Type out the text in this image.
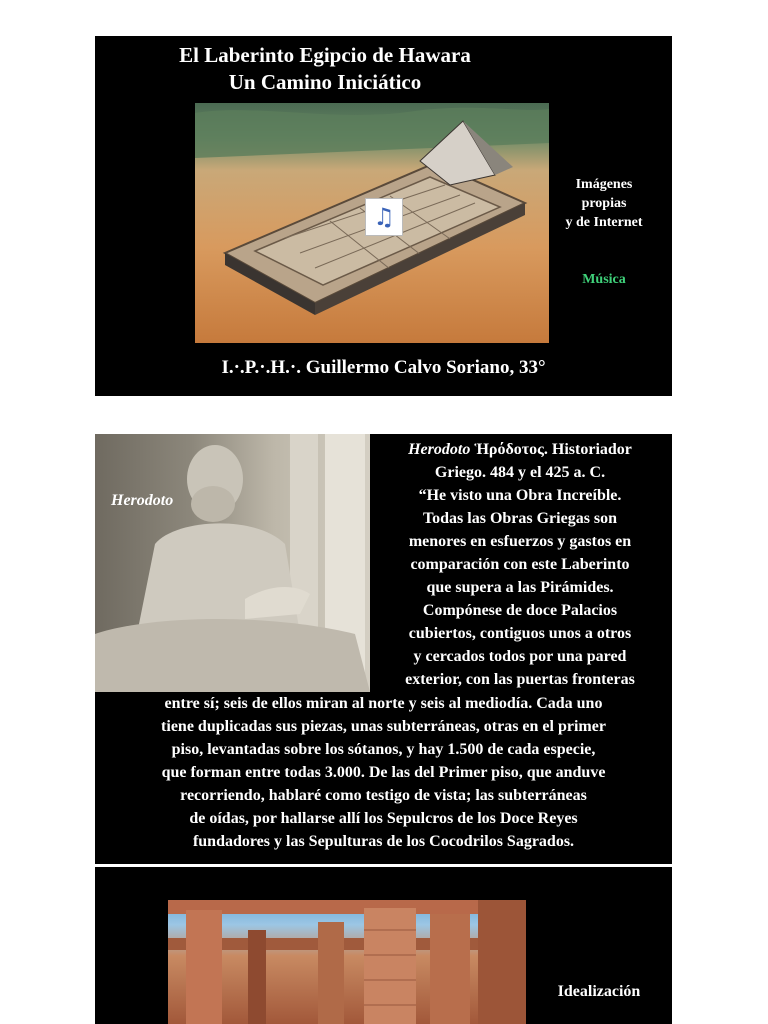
El Laberinto Egipcio de Hawara
Un Camino Iniciático
♫
Imágenes
propias
y de Internet
Música
I.·.P.·.H.·. Guillermo Calvo Soriano, 33°
Herodoto
Herodoto Ἡρόδοτος. Historiador
Griego. 484 y el 425 a. C.
“He visto una Obra Increíble.
Todas las Obras Griegas son
menores en esfuerzos y gastos en
comparación con este Laberinto
que supera a las Pirámides.
Compónese de doce Palacios
cubiertos, contiguos unos a otros
y cercados todos por una pared
exterior, con las puertas fronteras
entre sí; seis de ellos miran al norte y seis al mediodía. Cada uno
tiene duplicadas sus piezas, unas subterráneas, otras en el primer
piso, levantadas sobre los sótanos, y hay 1.500 de cada especie,
que forman entre todas 3.000. De las del Primer piso, que anduve
recorriendo, hablaré como testigo de vista; las subterráneas
de oídas, por hallarse allí los Sepulcros de los Doce Reyes
fundadores y las Sepulturas de los Cocodrilos Sagrados.
Idealización
